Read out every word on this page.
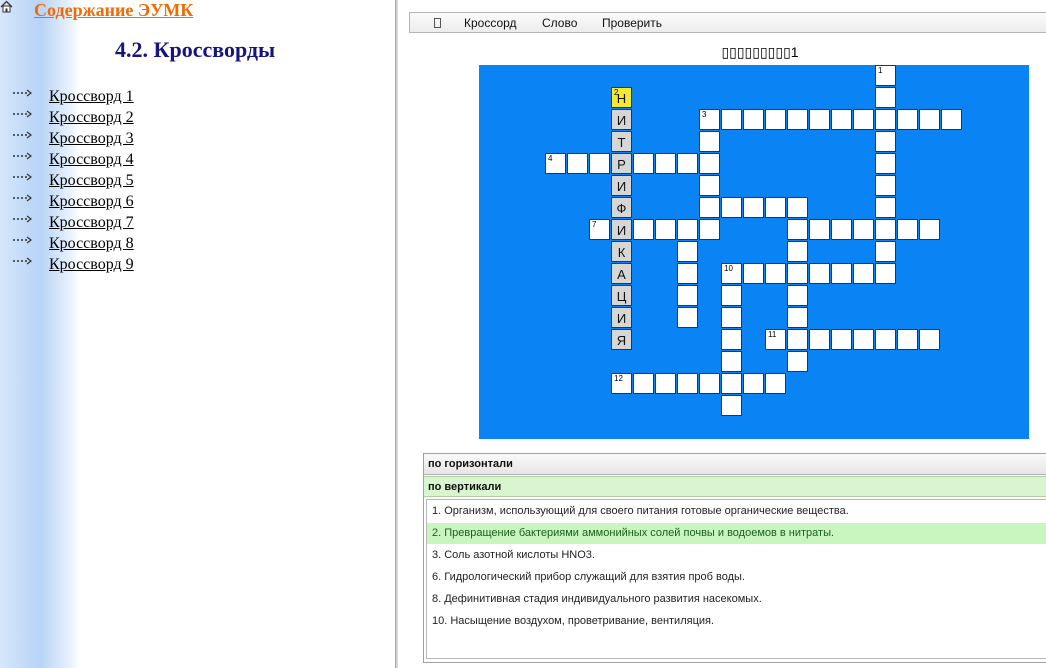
Содержание ЭУМК
4.2. Кроссворды
Кроссворд 1
Кроссворд 2
Кроссворд 3
Кроссворд 4
Кроссворд 5
Кроссворд 6
Кроссворд 7
Кроссворд 8
Кроссворд 9
Кроссорд Слово Проверить
▯▯▯▯▯▯▯▯▯1
2
Н
И
Т
Р
И
Ф
И
К
А
Ц
И
Я
1
3
4
7
10
11
12
по горизонтали
по вертикали
1. Организм, использующий для своего питания готовые органические вещества.
2. Превращение бактериями аммонийных солей почвы и водоемов в нитраты.
3. Соль азотной кислоты HNO3.
6. Гидрологический прибор служащий для взятия проб воды.
8. Дефинитивная стадия индивидуального развития насекомых.
10. Насыщение воздухом, проветривание, вентиляция.
